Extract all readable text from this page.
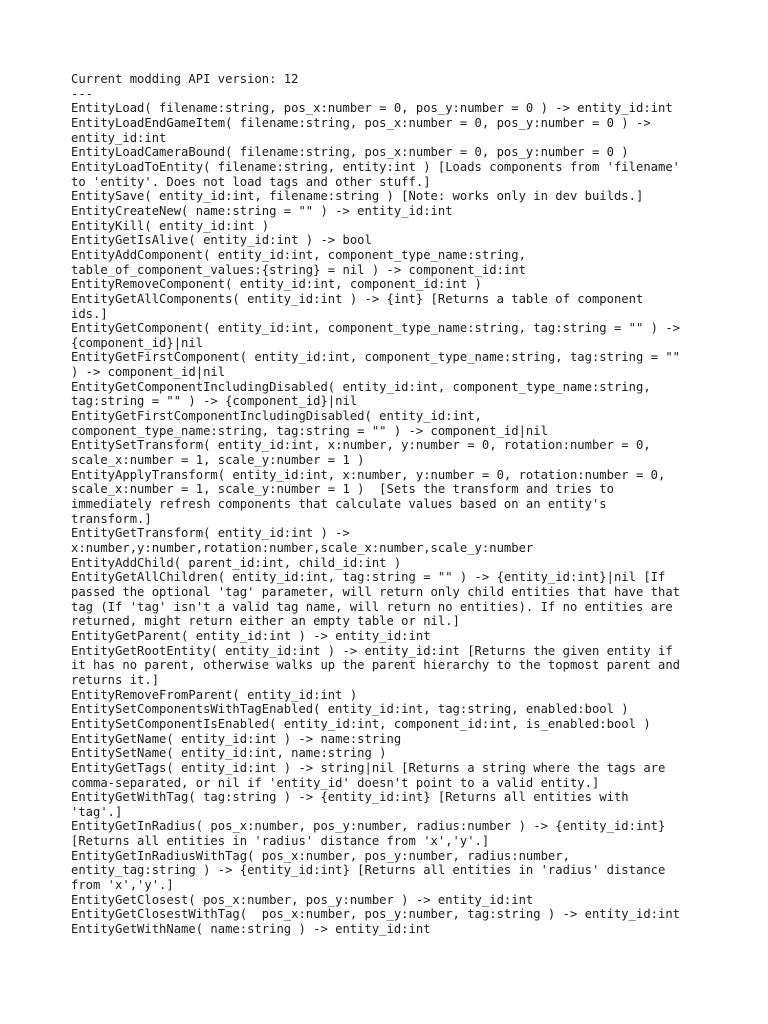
Current modding API version: 12
---
EntityLoad( filename:string, pos_x:number = 0, pos_y:number = 0 ) -> entity_id:int
EntityLoadEndGameItem( filename:string, pos_x:number = 0, pos_y:number = 0 ) ->
entity_id:int
EntityLoadCameraBound( filename:string, pos_x:number = 0, pos_y:number = 0 )
EntityLoadToEntity( filename:string, entity:int ) [Loads components from 'filename'
to 'entity'. Does not load tags and other stuff.]
EntitySave( entity_id:int, filename:string ) [Note: works only in dev builds.]
EntityCreateNew( name:string = "" ) -> entity_id:int
EntityKill( entity_id:int )
EntityGetIsAlive( entity_id:int ) -> bool
EntityAddComponent( entity_id:int, component_type_name:string,
table_of_component_values:{string} = nil ) -> component_id:int
EntityRemoveComponent( entity_id:int, component_id:int )
EntityGetAllComponents( entity_id:int ) -> {int} [Returns a table of component
ids.]
EntityGetComponent( entity_id:int, component_type_name:string, tag:string = "" ) ->
{component_id}|nil
EntityGetFirstComponent( entity_id:int, component_type_name:string, tag:string = ""
) -> component_id|nil
EntityGetComponentIncludingDisabled( entity_id:int, component_type_name:string,
tag:string = "" ) -> {component_id}|nil
EntityGetFirstComponentIncludingDisabled( entity_id:int,
component_type_name:string, tag:string = "" ) -> component_id|nil
EntitySetTransform( entity_id:int, x:number, y:number = 0, rotation:number = 0,
scale_x:number = 1, scale_y:number = 1 )
EntityApplyTransform( entity_id:int, x:number, y:number = 0, rotation:number = 0,
scale_x:number = 1, scale_y:number = 1 )  [Sets the transform and tries to
immediately refresh components that calculate values based on an entity's
transform.]
EntityGetTransform( entity_id:int ) ->
x:number,y:number,rotation:number,scale_x:number,scale_y:number
EntityAddChild( parent_id:int, child_id:int )
EntityGetAllChildren( entity_id:int, tag:string = "" ) -> {entity_id:int}|nil [If
passed the optional 'tag' parameter, will return only child entities that have that
tag (If 'tag' isn't a valid tag name, will return no entities). If no entities are
returned, might return either an empty table or nil.]
EntityGetParent( entity_id:int ) -> entity_id:int
EntityGetRootEntity( entity_id:int ) -> entity_id:int [Returns the given entity if
it has no parent, otherwise walks up the parent hierarchy to the topmost parent and
returns it.]
EntityRemoveFromParent( entity_id:int )
EntitySetComponentsWithTagEnabled( entity_id:int, tag:string, enabled:bool )
EntitySetComponentIsEnabled( entity_id:int, component_id:int, is_enabled:bool )
EntityGetName( entity_id:int ) -> name:string
EntitySetName( entity_id:int, name:string )
EntityGetTags( entity_id:int ) -> string|nil [Returns a string where the tags are
comma-separated, or nil if 'entity_id' doesn't point to a valid entity.]
EntityGetWithTag( tag:string ) -> {entity_id:int} [Returns all entities with
'tag'.]
EntityGetInRadius( pos_x:number, pos_y:number, radius:number ) -> {entity_id:int}
[Returns all entities in 'radius' distance from 'x','y'.]
EntityGetInRadiusWithTag( pos_x:number, pos_y:number, radius:number,
entity_tag:string ) -> {entity_id:int} [Returns all entities in 'radius' distance
from 'x','y'.]
EntityGetClosest( pos_x:number, pos_y:number ) -> entity_id:int
EntityGetClosestWithTag(  pos_x:number, pos_y:number, tag:string ) -> entity_id:int
EntityGetWithName( name:string ) -> entity_id:int
